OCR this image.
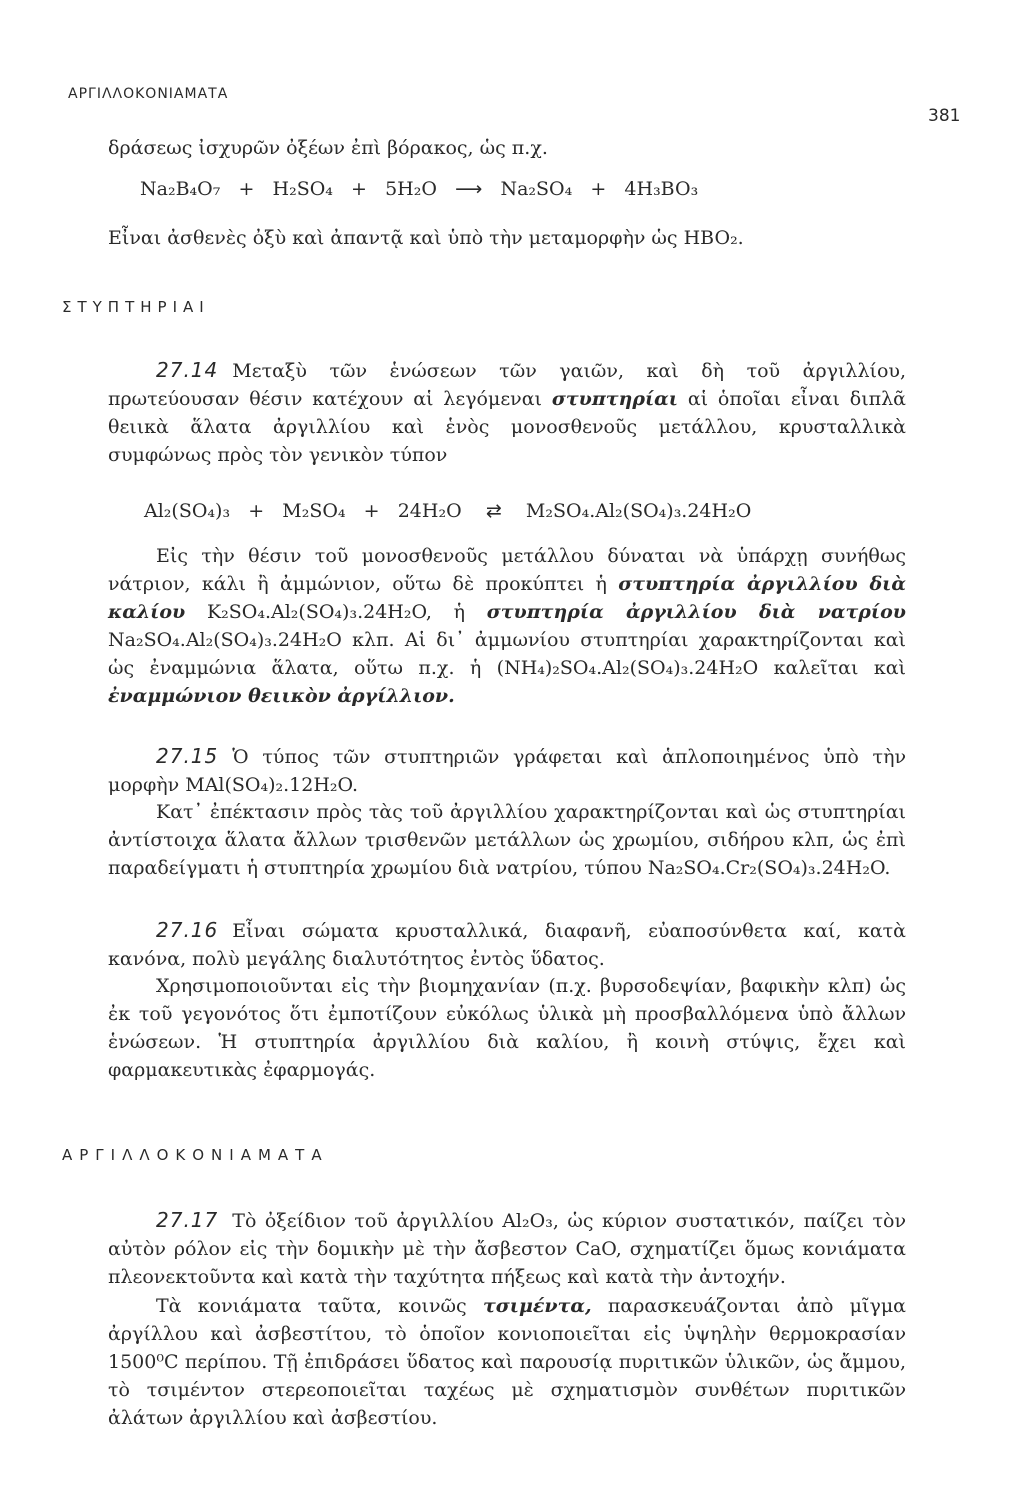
ΑΡΓΙΛΛΟΚΟΝΙΑΜΑΤΑ
381

δράσεως ἰσχυρῶν ὀξέων ἐπὶ βόρακος, ὡς π.χ.

Na₂B₄O₇ + H₂SO₄ + 5H₂O ⟶ Na₂SO₄ + 4H₃BO₃

Εἶναι ἀσθενὲς ὀξὺ καὶ ἀπαντᾷ καὶ ὑπὸ τὴν μεταμορφὴν ὡς HBO₂.

ΣΤΥΠΤΗΡΙΑΙ

27.14 Μεταξὺ τῶν ἑνώσεων τῶν γαιῶν, καὶ δὴ τοῦ ἀργιλλίου, πρωτεύουσαν θέσιν κατέχουν αἱ λεγόμεναι στυπτηρίαι αἱ ὁποῖαι εἶναι διπλᾶ θειικὰ ἅλατα ἀργιλλίου καὶ ἑνὸς μονοσθενοῦς μετάλλου, κρυσταλλικὰ συμφώνως πρὸς τὸν γενικὸν τύπον

Al₂(SO₄)₃ + M₂SO₄ + 24H₂O ⇄ M₂SO₄.Al₂(SO₄)₃.24H₂O

Εἰς τὴν θέσιν τοῦ μονοσθενοῦς μετάλλου δύναται νὰ ὑπάρχῃ συνήθως νάτριον, κάλι ἢ ἀμμώνιον, οὕτω δὲ προκύπτει ἡ στυπτηρία ἀργιλλίου διὰ καλίου K₂SO₄.Al₂(SO₄)₃.24H₂O, ἡ στυπτηρία ἀργιλλίου διὰ νατρίου Na₂SO₄.Al₂(SO₄)₃.24H₂O κλπ. Αἱ δι᾽ ἀμμωνίου στυπτηρίαι χαρακτηρίζονται καὶ ὡς ἐναμμώνια ἅλατα, οὕτω π.χ. ἡ (NH₄)₂SO₄.Al₂(SO₄)₃.24H₂O καλεῖται καὶ ἐναμμώνιον θειικὸν ἀργίλλιον.

27.15 Ὁ τύπος τῶν στυπτηριῶν γράφεται καὶ ἁπλοποιημένος ὑπὸ τὴν μορφὴν MAl(SO₄)₂.12H₂O.

Κατ᾽ ἐπέκτασιν πρὸς τὰς τοῦ ἀργιλλίου χαρακτηρίζονται καὶ ὡς στυπτηρίαι ἀντίστοιχα ἅλατα ἄλλων τρισθενῶν μετάλλων ὡς χρωμίου, σιδήρου κλπ, ὡς ἐπὶ παραδείγματι ἡ στυπτηρία χρωμίου διὰ νατρίου, τύπου Na₂SO₄.Cr₂(SO₄)₃.24H₂O.

27.16 Εἶναι σώματα κρυσταλλικά, διαφανῆ, εὐαποσύνθετα καί, κατὰ κανόνα, πολὺ μεγάλης διαλυτότητος ἐντὸς ὕδατος.

Χρησιμοποιοῦνται εἰς τὴν βιομηχανίαν (π.χ. βυρσοδεψίαν, βαφικὴν κλπ) ὡς ἐκ τοῦ γεγονότος ὅτι ἐμποτίζουν εὐκόλως ὑλικὰ μὴ προσβαλλόμενα ὑπὸ ἄλλων ἑνώσεων. Ἡ στυπτηρία ἀργιλλίου διὰ καλίου, ἢ κοινὴ στύψις, ἔχει καὶ φαρμακευτικὰς ἐφαρμογάς.

ΑΡΓΙΛΛΟΚΟΝΙΑΜΑΤΑ

27.17 Τὸ ὀξείδιον τοῦ ἀργιλλίου Al₂O₃, ὡς κύριον συστατικόν, παίζει τὸν αὐτὸν ρόλον εἰς τὴν δομικὴν μὲ τὴν ἄσβεστον CaO, σχηματίζει ὅμως κονιάματα πλεονεκτοῦντα καὶ κατὰ τὴν ταχύτητα πήξεως καὶ κατὰ τὴν ἀντοχήν.

Τὰ κονιάματα ταῦτα, κοινῶς τσιμέντα, παρασκευάζονται ἀπὸ μῖγμα ἀργίλλου καὶ ἀσβεστίτου, τὸ ὁποῖον κονιοποιεῖται εἰς ὑψηλὴν θερμοκρασίαν 1500⁰C περίπου. Τῇ ἐπιδράσει ὕδατος καὶ παρουσίᾳ πυριτικῶν ὑλικῶν, ὡς ἄμμου, τὸ τσιμέντον στερεοποιεῖται ταχέως μὲ σχηματισμὸν συνθέτων πυριτικῶν ἀλάτων ἀργιλλίου καὶ ἀσβεστίου.
